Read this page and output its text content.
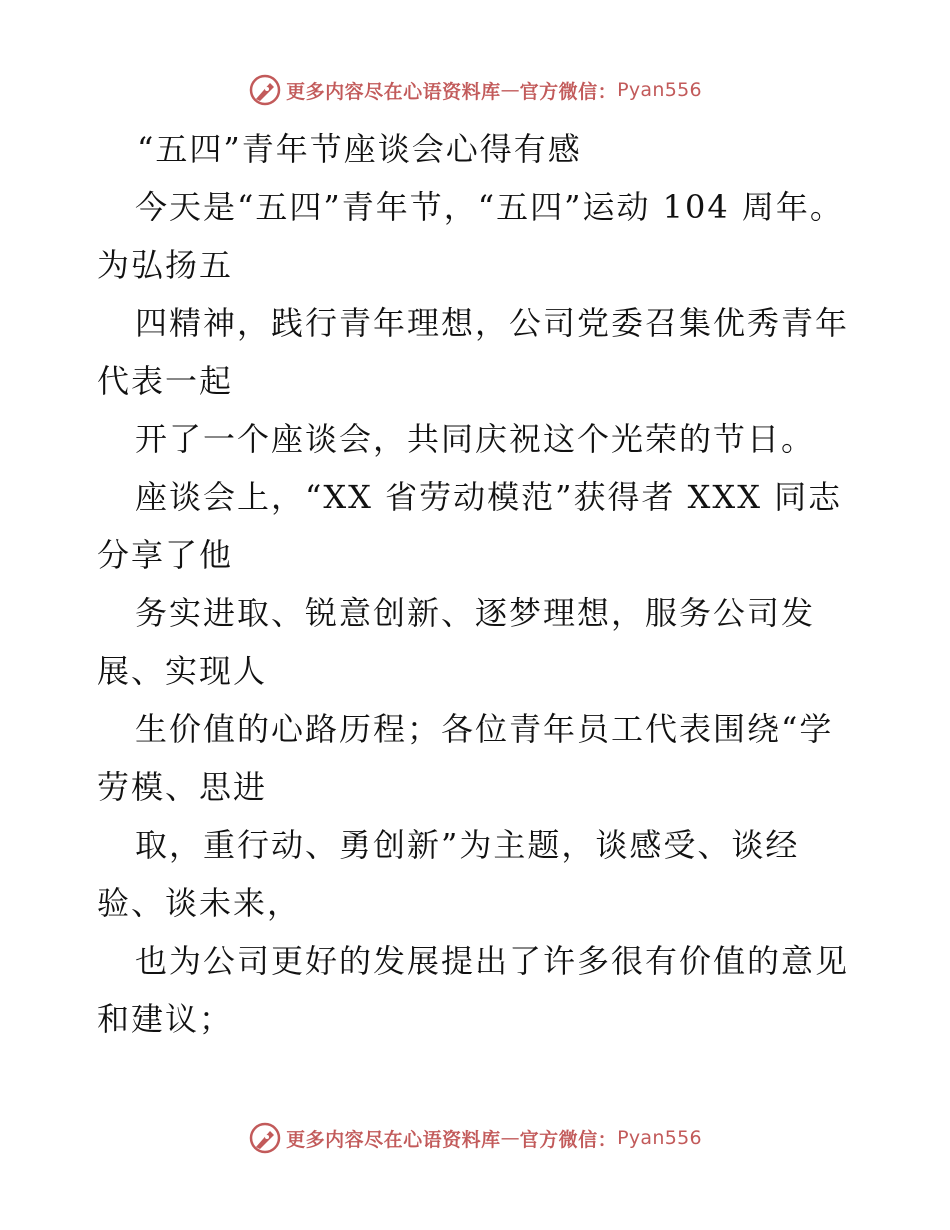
更多内容尽在心语资料库 — 官方微信： Pyan556

“五四”青年节座谈会心得有感

今天是“五四”青年节，“五四”运动 104 周年。为弘扬五

四精神，践行青年理想，公司党委召集优秀青年代表一起

开了一个座谈会，共同庆祝这个光荣的节日。

座谈会上，“XX 省劳动模范”获得者 XXX 同志分享了他

务实进取、锐意创新、逐梦理想，服务公司发展、实现人

生价值的心路历程；各位青年员工代表围绕“学劳模、思进

取，重行动、勇创新”为主题，谈感受、谈经验、谈未来，

也为公司更好的发展提出了许多很有价值的意见和建议；

更多内容尽在心语资料库 — 官方微信： Pyan556
